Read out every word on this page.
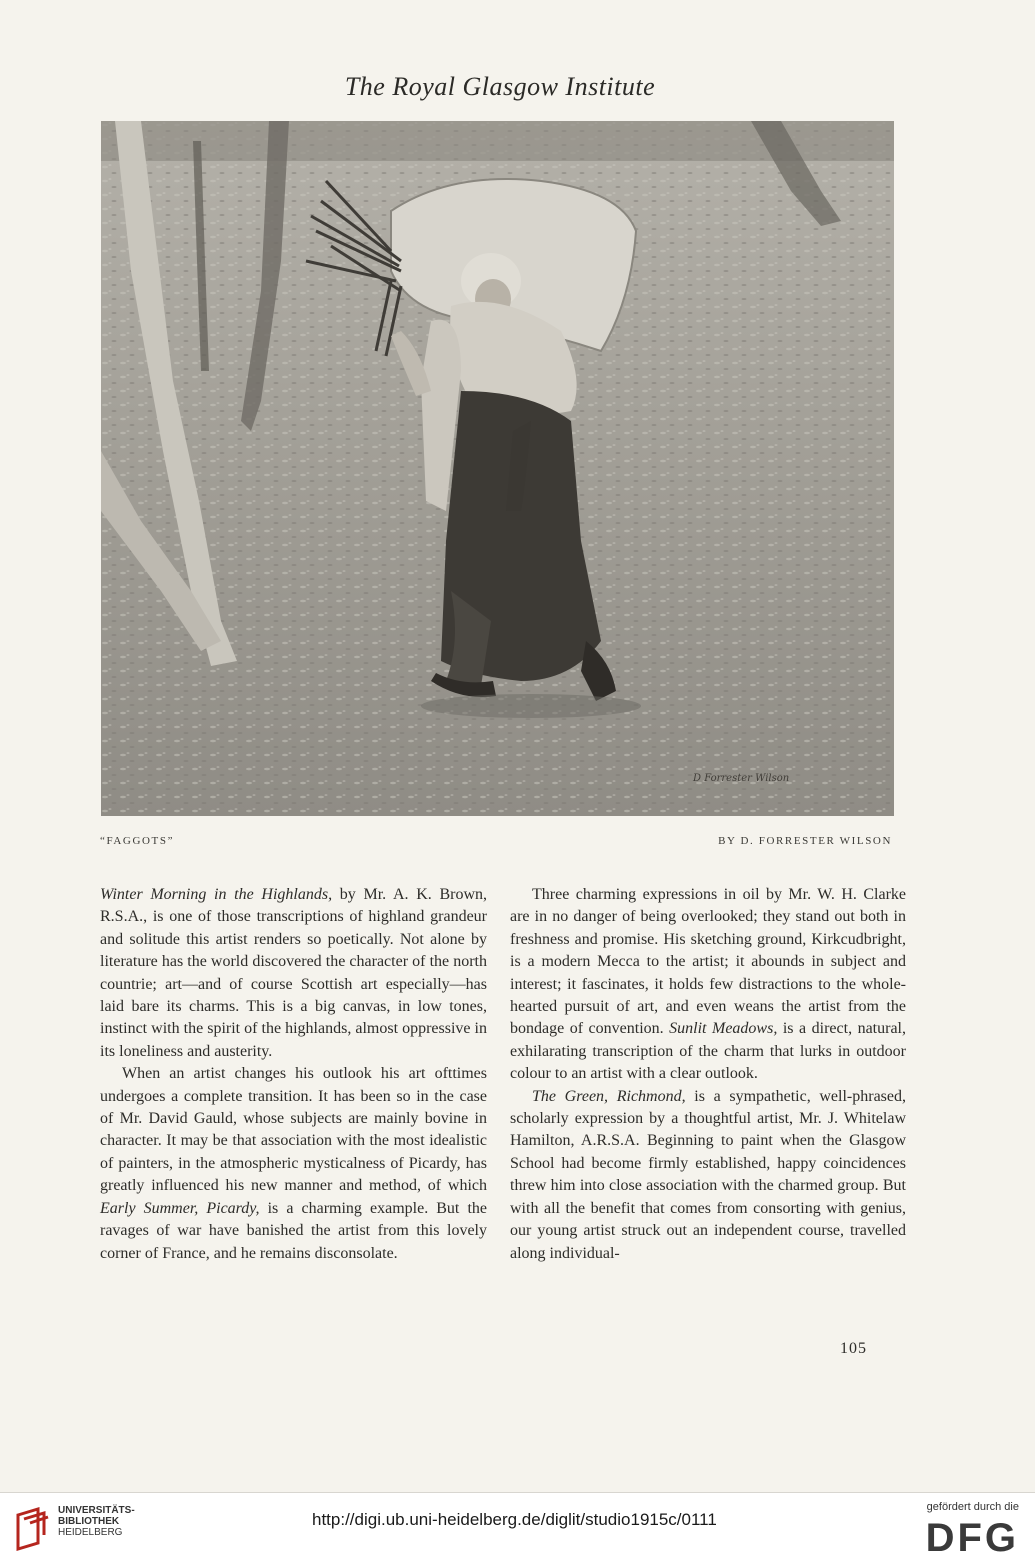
The Royal Glasgow Institute
D Forrester Wilson
“FAGGOTS”	BY D. FORRESTER WILSON

Winter Morning in the Highlands, by Mr. A. K. Brown, R.S.A., is one of those transcriptions of highland grandeur and solitude this artist renders so poetically. Not alone by literature has the world discovered the character of the north countrie; art—and of course Scottish art especially—has laid bare its charms. This is a big canvas, in low tones, instinct with the spirit of the highlands, almost oppressive in its loneliness and austerity.

When an artist changes his outlook his art ofttimes undergoes a complete transition. It has been so in the case of Mr. David Gauld, whose subjects are mainly bovine in character. It may be that association with the most idealistic of painters, in the atmospheric mysticalness of Picardy, has greatly influenced his new manner and method, of which Early Summer, Picardy, is a charming example. But the ravages of war have banished the artist from this lovely corner of France, and he remains disconsolate.

Three charming expressions in oil by Mr. W. H. Clarke are in no danger of being overlooked; they stand out both in freshness and promise. His sketching ground, Kirkcudbright, is a modern Mecca to the artist; it abounds in subject and interest; it fascinates, it holds few distractions to the whole-hearted pursuit of art, and even weans the artist from the bondage of convention. Sunlit Meadows, is a direct, natural, exhilarating transcription of the charm that lurks in outdoor colour to an artist with a clear outlook.

The Green, Richmond, is a sympathetic, well-phrased, scholarly expression by a thoughtful artist, Mr. J. Whitelaw Hamilton, A.R.S.A. Beginning to paint when the Glasgow School had become firmly established, happy coincidences threw him into close association with the charmed group. But with all the benefit that comes from consorting with genius, our young artist struck out an independent course, travelled along individual-

105
UNIVERSITÄTS-
BIBLIOTHEK
HEIDELBERG
http://digi.ub.uni-heidelberg.de/diglit/studio1915c/0111
gefördert durch die
DFG
